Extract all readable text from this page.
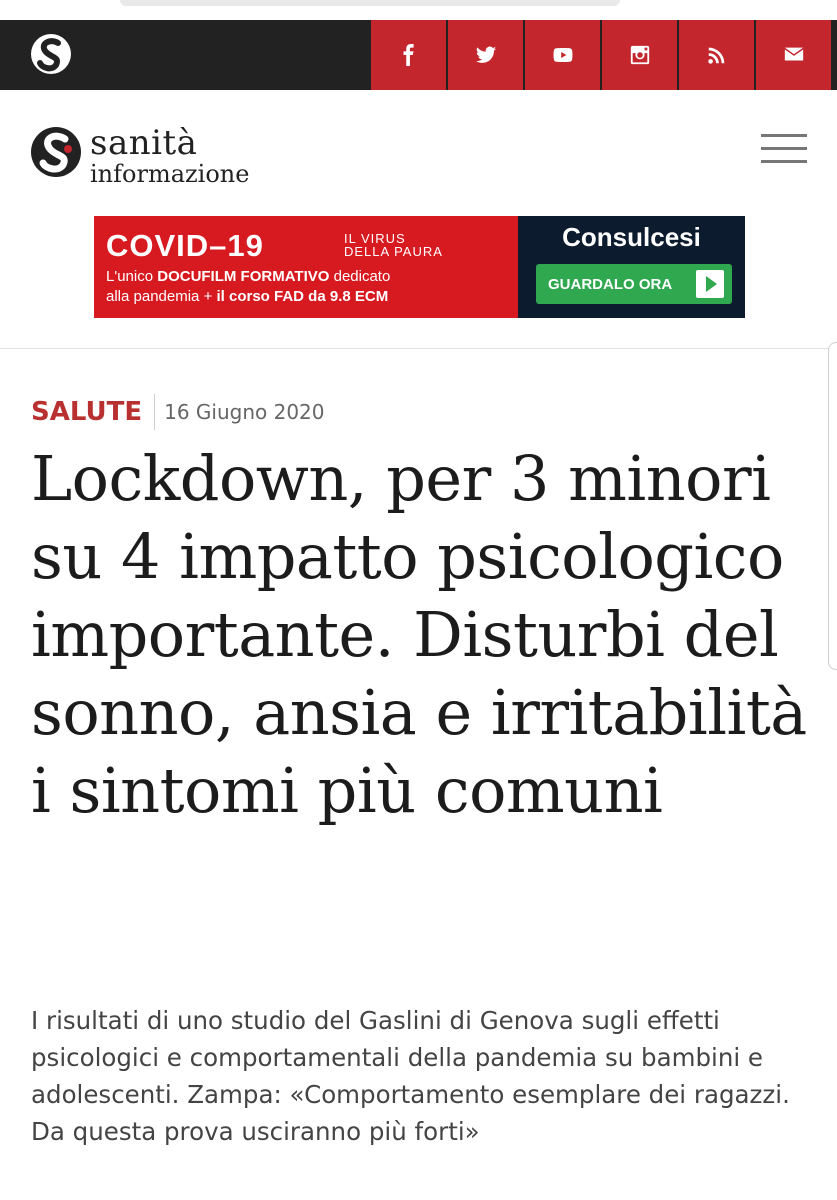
sanità
informazione
COVID–19	IL VIRUS
DELLA PAURA
L'unico DOCUFILM FORMATIVO dedicato
alla pandemia + il corso FAD da 9.8 ECM
Consulcesi
GUARDALO ORA
SALUTE 16 Giugno 2020
Lockdown, per 3 minori su 4 impatto psicologico importante. Disturbi del sonno, ansia e irritabilità i sintomi più comuni

I risultati di uno studio del Gaslini di Genova sugli effetti psicologici e comportamentali della pandemia su bambini e adolescenti. Zampa: «Comportamento esemplare dei ragazzi. Da questa prova usciranno più forti»
